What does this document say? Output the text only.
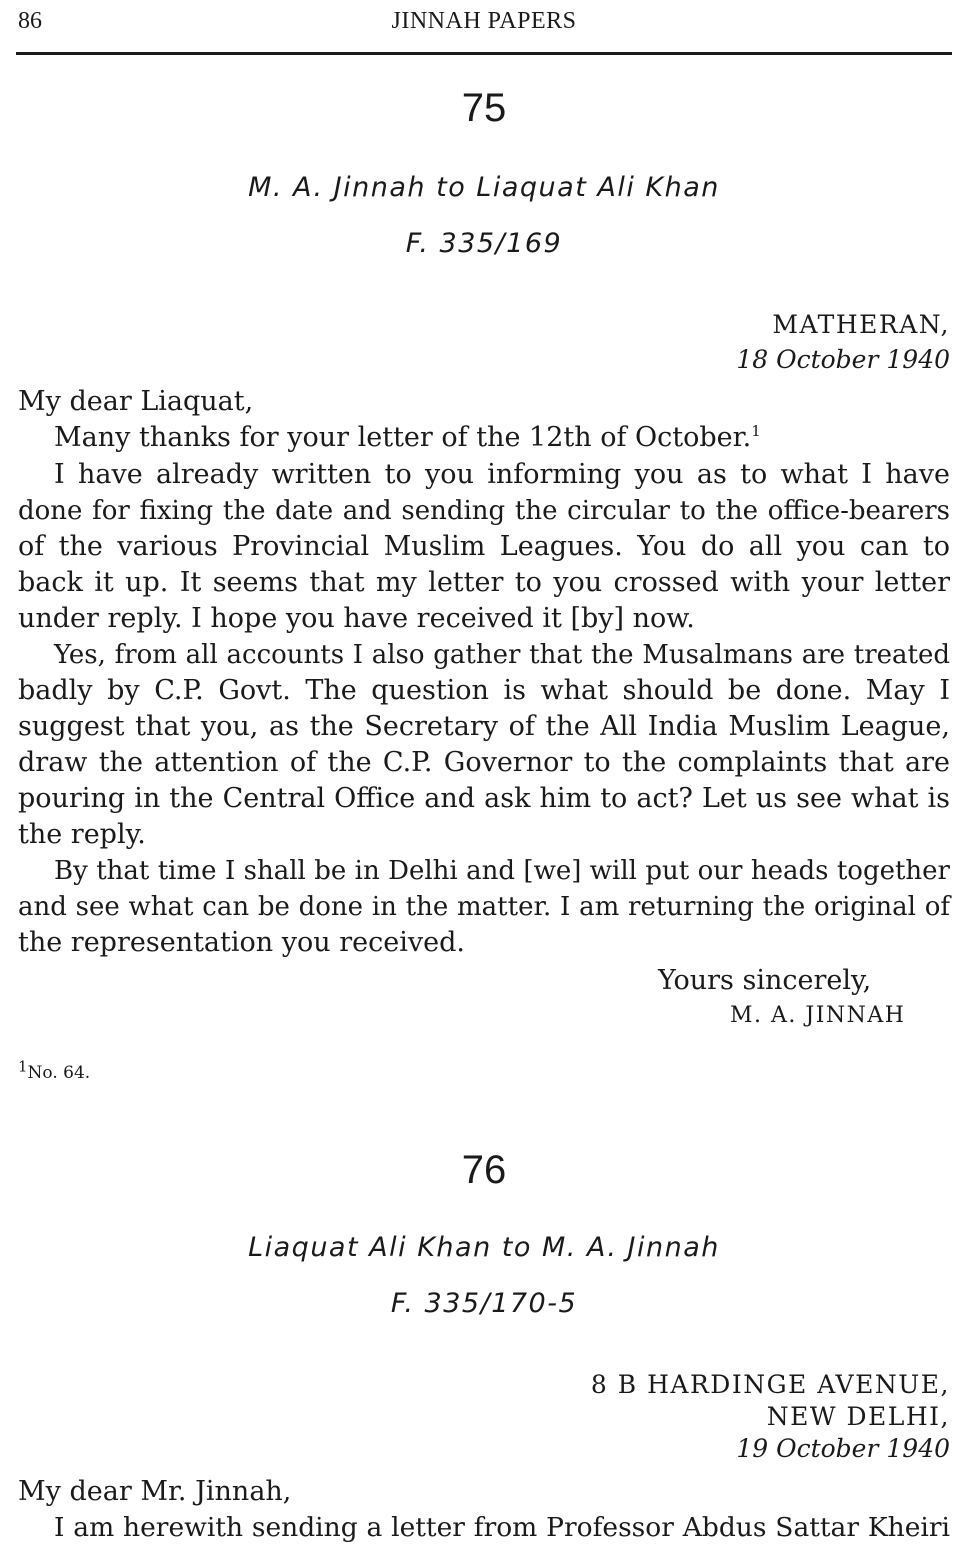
86	JINNAH PAPERS
75
M. A. Jinnah to Liaquat Ali Khan
F. 335/169
MATHERAN,
18 October 1940
My dear Liaquat,
Many thanks for your letter of the 12th of October.$^1$
I have already written to you informing you as to what I have
done for fixing the date and sending the circular to the office-bearers
of the various Provincial Muslim Leagues. You do all you can to
back it up. It seems that my letter to you crossed with your letter
under reply. I hope you have received it [by] now.
Yes, from all accounts I also gather that the Musalmans are treated
badly by C.P. Govt. The question is what should be done. May I
suggest that you, as the Secretary of the All India Muslim League,
draw the attention of the C.P. Governor to the complaints that are
pouring in the Central Office and ask him to act? Let us see what is
the reply.
By that time I shall be in Delhi and [we] will put our heads together
and see what can be done in the matter. I am returning the original of
the representation you received.
Yours sincerely,
M. A. JINNAH
$^1$No. 64.
76
Liaquat Ali Khan to M. A. Jinnah
F. 335/170-5
8 B HARDINGE AVENUE,
NEW DELHI,
19 October 1940
My dear Mr. Jinnah,
I am herewith sending a letter from Professor Abdus Sattar Kheiri
